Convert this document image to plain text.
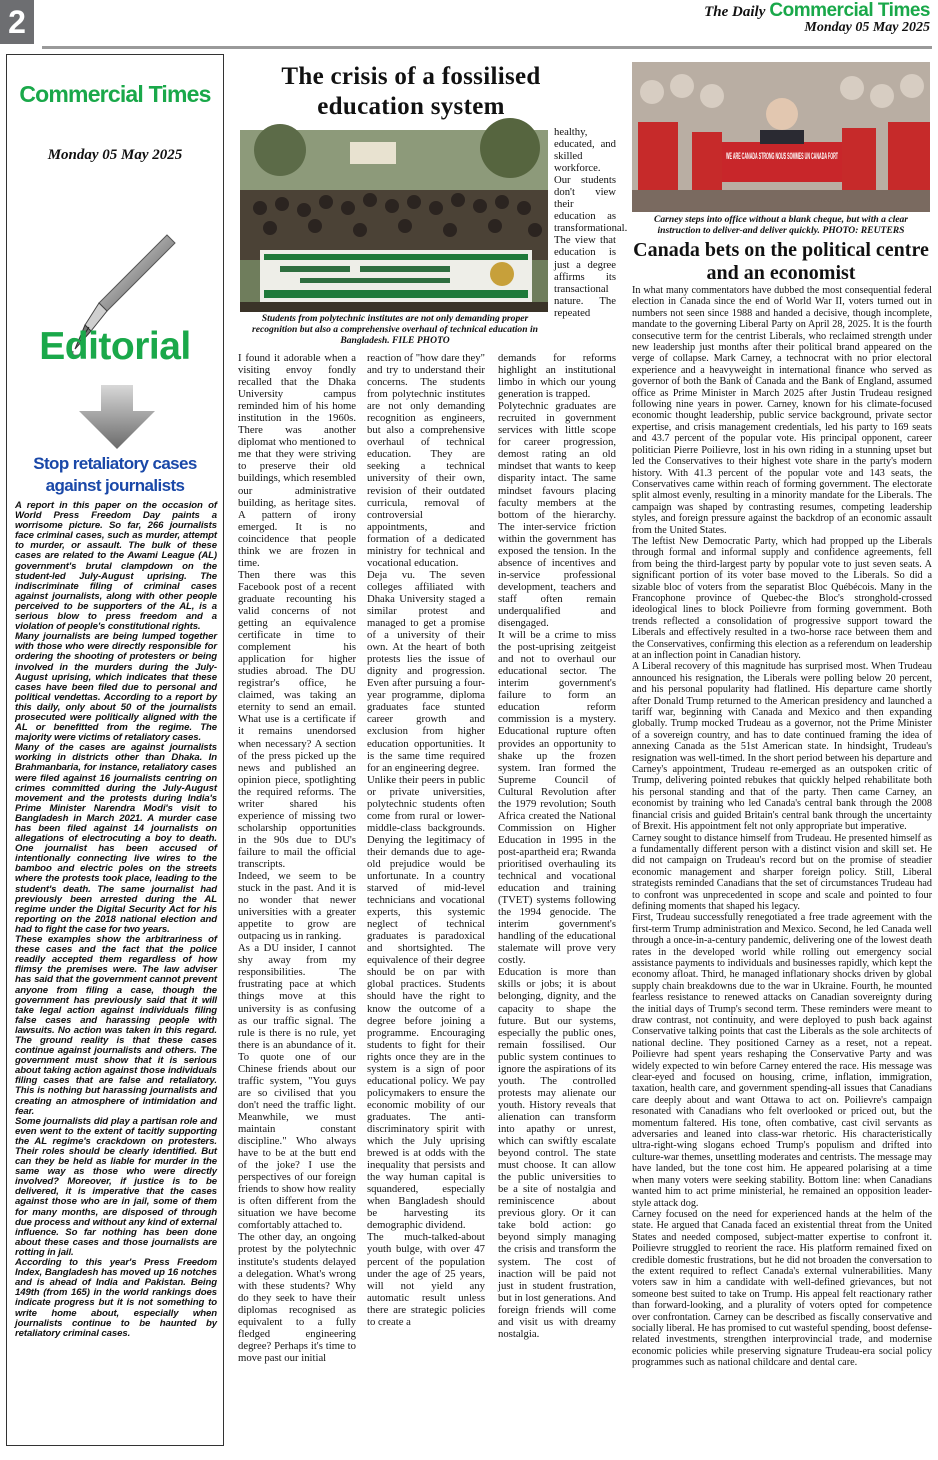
2	The Daily Commercial Times
Monday 05 May 2025
Commercial Times
Monday 05 May 2025
Editorial
Stop retaliatory cases against journalists

A report in this paper on the occasion of World Press Freedom Day paints a worrisome picture. So far, 266 journalists face criminal cases, such as murder, attempt to murder, or assault. The bulk of these cases are related to the Awami League (AL) government's brutal clampdown on the student-led July-August uprising. The indiscriminate filing of criminal cases against journalists, along with other people perceived to be supporters of the AL, is a serious blow to press freedom and a violation of people's constitutional rights.

Many journalists are being lumped together with those who were directly responsible for ordering the shooting of protesters or being involved in the murders during the July-August uprising, which indicates that these cases have been filed due to personal and political vendettas. According to a report by this daily, only about 50 of the journalists prosecuted were politically aligned with the AL or benefitted from the regime. The majority were victims of retaliatory cases.

Many of the cases are against journalists working in districts other than Dhaka. In Brahmanbaria, for instance, retaliatory cases were filed against 16 journalists centring on crimes committed during the July-August movement and the protests during India's Prime Minister Narendra Modi's visit to Bangladesh in March 2021. A murder case has been filed against 14 journalists on allegations of electrocuting a boy to death. One journalist has been accused of intentionally connecting live wires to the bamboo and electric poles on the streets where the protests took place, leading to the student's death. The same journalist had previously been arrested during the AL regime under the Digital Security Act for his reporting on the 2018 national election and had to fight the case for two years.

These examples show the arbitrariness of these cases and the fact that the police readily accepted them regardless of how flimsy the premises were. The law adviser has said that the government cannot prevent anyone from filing a case, though the government has previously said that it will take legal action against individuals filing false cases and harassing people with lawsuits. No action was taken in this regard. The ground reality is that these cases continue against journalists and others. The government must show that it is serious about taking action against those individuals filing cases that are false and retaliatory. This is nothing but harassing journalists and creating an atmosphere of intimidation and fear.

Some journalists did play a partisan role and even went to the extent of tacitly supporting the AL regime's crackdown on protesters. Their roles should be clearly identified. But can they be held as liable for murder in the same way as those who were directly involved? Moreover, if justice is to be delivered, it is imperative that the cases against those who are in jail, some of them for many months, are disposed of through due process and without any kind of external influence. So far nothing has been done about these cases and those journalists are rotting in jail.

According to this year's Press Freedom Index, Bangladesh has moved up 16 notches and is ahead of India and Pakistan. Being 149th (from 165) in the world rankings does indicate progress but it is not something to write home about, especially when journalists continue to be haunted by retaliatory criminal cases.

The crisis of a fossilised education system
Students from polytechnic institutes are not only demanding proper recognition but also a comprehensive overhaul of technical education in Bangladesh. FILE PHOTO

healthy, educated, and skilled workforce. Our students don't view their education as transformational. The view that education is just a degree affirms its transactional nature. The repeated

I found it adorable when a visiting envoy fondly recalled that the Dhaka University campus reminded him of his home institution in the 1960s. There was another diplomat who mentioned to me that they were striving to preserve their old buildings, which resembled our administrative building, as heritage sites. A pattern of irony emerged. It is no coincidence that people think we are frozen in time.

Then there was this Facebook post of a recent graduate recounting his valid concerns of not getting an equivalence certificate in time to complement his application for higher studies abroad. The DU registrar's office, he claimed, was taking an eternity to send an email. What use is a certificate if it remains unendorsed when necessary? A section of the press picked up the news and published an opinion piece, spotlighting the required reforms. The writer shared his experience of missing two scholarship opportunities in the 90s due to DU's failure to mail the official transcripts.

Indeed, we seem to be stuck in the past. And it is no wonder that newer universities with a greater appetite to grow are outpacing us in ranking.

As a DU insider, I cannot shy away from my responsibilities. The frustrating pace at which things move at this university is as confusing as our traffic signal. The rule is there is no rule, yet there is an abundance of it. To quote one of our Chinese friends about our traffic system, "You guys are so civilised that you don't need the traffic light. Meanwhile, we must maintain constant discipline." Who always have to be at the butt end of the joke? I use the perspectives of our foreign friends to show how reality is often different from the situation we have become comfortably attached to.

The other day, an ongoing protest by the polytechnic institute's students delayed a delegation. What's wrong with these students? Why do they seek to have their diplomas recognised as equivalent to a fully fledged engineering degree? Perhaps it's time to move past our initial

reaction of "how dare they" and try to understand their concerns. The students from polytechnic institutes are not only demanding recognition as engineers, but also a comprehensive overhaul of technical education. They are seeking a technical university of their own, revision of their outdated curricula, removal of controversial appointments, and formation of a dedicated ministry for technical and vocational education.

Deja vu. The seven colleges affiliated with Dhaka University staged a similar protest and managed to get a promise of a university of their own. At the heart of both protests lies the issue of dignity and progression. Even after pursuing a four-year programme, diploma graduates face stunted career growth and exclusion from higher education opportunities. It is the same time required for an engineering degree.

Unlike their peers in public or private universities, polytechnic students often come from rural or lower-middle-class backgrounds. Denying the legitimacy of their demands due to age-old prejudice would be unfortunate. In a country starved of mid-level technicians and vocational experts, this systemic neglect of technical graduates is paradoxical and shortsighted. The equivalence of their degree should be on par with global practices. Students should have the right to know the outcome of a degree before joining a programme. Encouraging students to fight for their rights once they are in the system is a sign of poor educational policy. We pay policymakers to ensure the economic mobility of our graduates. The anti-discriminatory spirit with which the July uprising brewed is at odds with the inequality that persists and the way human capital is squandered, especially when Bangladesh should be harvesting its demographic dividend.

The much-talked-about youth bulge, with over 47 percent of the population under the age of 25 years, will not yield any automatic result unless there are strategic policies to create a

demands for reforms highlight an institutional limbo in which our young generation is trapped.

Polytechnic graduates are recruited in government services with little scope for career progression, demost rating an old mindset that wants to keep disparity intact. The same mindset favours placing faculty members at the bottom of the hierarchy. The inter-service friction within the government has exposed the tension. In the absence of incentives and in-service professional development, teachers and staff often remain underqualified and disengaged.

It will be a crime to miss the post-uprising zeitgeist and not to overhaul our educational sector. The interim government's failure to form an education reform commission is a mystery. Educational rupture often provides an opportunity to shake up the frozen system. Iran formed the Supreme Council of Cultural Revolution after the 1979 revolution; South Africa created the National Commission on Higher Education in 1995 in the post-apartheid era; Rwanda prioritised overhauling its technical and vocational education and training (TVET) systems following the 1994 genocide. The interim government's handling of the educational stalemate will prove very costly.

Education is more than skills or jobs; it is about belonging, dignity, and the capacity to shape the future. But our systems, especially the public ones, remain fossilised. Our public system continues to ignore the aspirations of its youth. The controlled protests may alienate our youth. History reveals that alienation can transform into apathy or unrest, which can swiftly escalate beyond control. The state must choose. It can allow the public universities to be a site of nostalgia and reminiscence about previous glory. Or it can take bold action: go beyond simply managing the crisis and transform the system. The cost of inaction will be paid not just in student frustration, but in lost generations. And foreign friends will come and visit us with dreamy nostalgia.

WE ARE CANADA STRONG NOUS SOMMES UN CANADA FORT
Carney steps into office without a blank cheque, but with a clear instruction to deliver-and deliver quickly. PHOTO: REUTERS
Canada bets on the political centre and an economist

In what many commentators have dubbed the most consequential federal election in Canada since the end of World War II, voters turned out in numbers not seen since 1988 and handed a decisive, though incomplete, mandate to the governing Liberal Party on April 28, 2025. It is the fourth consecutive term for the centrist Liberals, who reclaimed strength under new leadership just months after their political brand appeared on the verge of collapse. Mark Carney, a technocrat with no prior electoral experience and a heavyweight in international finance who served as governor of both the Bank of Canada and the Bank of England, assumed office as Prime Minister in March 2025 after Justin Trudeau resigned following nine years in power. Carney, known for his climate-focused economic thought leadership, public service background, private sector expertise, and crisis management credentials, led his party to 169 seats and 43.7 percent of the popular vote. His principal opponent, career politician Pierre Poilievre, lost in his own riding in a stunning upset but led the Conservatives to their highest vote share in the party's modern history. With 41.3 percent of the popular vote and 143 seats, the Conservatives came within reach of forming government. The electorate split almost evenly, resulting in a minority mandate for the Liberals. The campaign was shaped by contrasting resumes, competing leadership styles, and foreign pressure against the backdrop of an economic assault from the United States.

The leftist New Democratic Party, which had propped up the Liberals through formal and informal supply and confidence agreements, fell from being the third-largest party by popular vote to just seven seats. A significant portion of its voter base moved to the Liberals. So did a sizable bloc of voters from the separatist Bloc Québécois. Many in the Francophone province of Quebec-the Bloc's stronghold-crossed ideological lines to block Poilievre from forming government. Both trends reflected a consolidation of progressive support toward the Liberals and effectively resulted in a two-horse race between them and the Conservatives, confirming this election as a referendum on leadership at an inflection point in Canadian history.

A Liberal recovery of this magnitude has surprised most. When Trudeau announced his resignation, the Liberals were polling below 20 percent, and his personal popularity had flatlined. His departure came shortly after Donald Trump returned to the American presidency and launched a tariff war, beginning with Canada and Mexico and then expanding globally. Trump mocked Trudeau as a governor, not the Prime Minister of a sovereign country, and has to date continued framing the idea of annexing Canada as the 51st American state. In hindsight, Trudeau's resignation was well-timed. In the short period between his departure and Carney's appointment, Trudeau re-emerged as an outspoken critic of Trump, delivering pointed rebukes that quickly helped rehabilitate both his personal standing and that of the party. Then came Carney, an economist by training who led Canada's central bank through the 2008 financial crisis and guided Britain's central bank through the uncertainty of Brexit. His appointment felt not only appropriate but imperative.

Carney sought to distance himself from Trudeau. He presented himself as a fundamentally different person with a distinct vision and skill set. He did not campaign on Trudeau's record but on the promise of steadier economic management and sharper foreign policy. Still, Liberal strategists reminded Canadians that the set of circumstances Trudeau had to confront was unprecedented in scope and scale and pointed to four defining moments that shaped his legacy.

First, Trudeau successfully renegotiated a free trade agreement with the first-term Trump administration and Mexico. Second, he led Canada well through a once-in-a-century pandemic, delivering one of the lowest death rates in the developed world while rolling out emergency social assistance payments to individuals and businesses rapidly, which kept the economy afloat. Third, he managed inflationary shocks driven by global supply chain breakdowns due to the war in Ukraine. Fourth, he mounted fearless resistance to renewed attacks on Canadian sovereignty during the initial days of Trump's second term. These reminders were meant to draw contrast, not continuity, and were deployed to push back against Conservative talking points that cast the Liberals as the sole architects of national decline. They positioned Carney as a reset, not a repeat. Poilievre had spent years reshaping the Conservative Party and was widely expected to win before Carney entered the race. His message was clear-eyed and focused on housing, crime, inflation, immigration, taxation, health care, and government spending-all issues that Canadians care deeply about and want Ottawa to act on. Poilievre's campaign resonated with Canadians who felt overlooked or priced out, but the momentum faltered. His tone, often combative, cast civil servants as adversaries and leaned into class-war rhetoric. His characteristically ultra-right-wing slogans echoed Trump's populism and drifted into culture-war themes, unsettling moderates and centrists. The message may have landed, but the tone cost him. He appeared polarising at a time when many voters were seeking stability. Bottom line: when Canadians wanted him to act prime ministerial, he remained an opposition leader-style attack dog.

Carney focused on the need for experienced hands at the helm of the state. He argued that Canada faced an existential threat from the United States and needed composed, subject-matter expertise to confront it. Poilievre struggled to reorient the race. His platform remained fixed on credible domestic frustrations, but he did not broaden the conversation to the extent required to reflect Canada's external vulnerabilities. Many voters saw in him a candidate with well-defined grievances, but not someone best suited to take on Trump. His appeal felt reactionary rather than forward-looking, and a plurality of voters opted for competence over confrontation. Carney can be described as fiscally conservative and socially liberal. He has promised to cut wasteful spending, boost defense-related investments, strengthen interprovincial trade, and modernise economic policies while preserving signature Trudeau-era social policy programmes such as national childcare and dental care.
